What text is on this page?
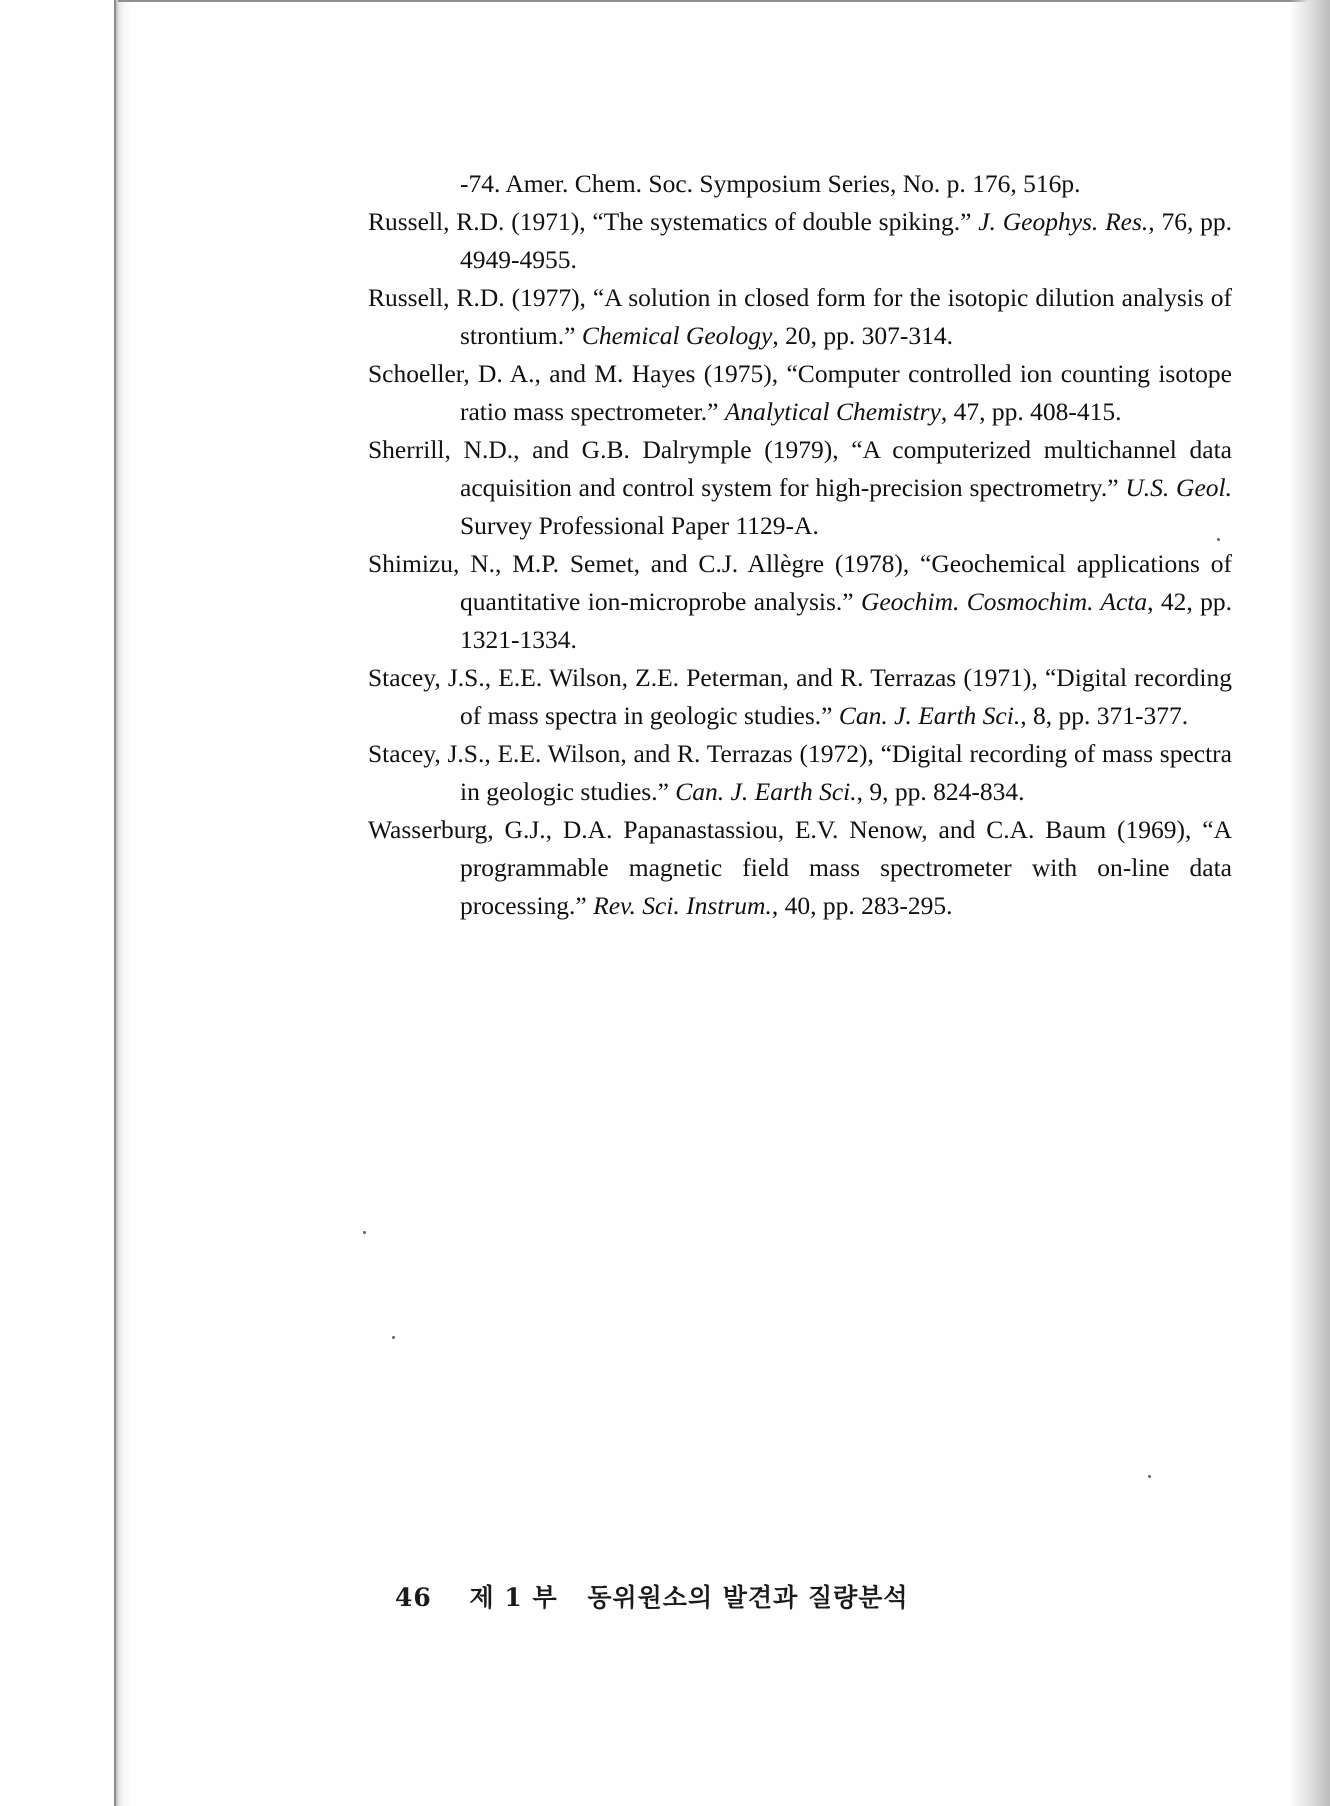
-74. Amer. Chem. Soc. Symposium Series, No. p. 176, 516p.

Russell, R.D. (1971), “The systematics of double spiking.” J. Geophys. Res., 76, pp. 4949-4955.

Russell, R.D. (1977), “A solution in closed form for the isotopic dilution analysis of strontium.” Chemical Geology, 20, pp. 307-314.

Schoeller, D. A., and M. Hayes (1975), “Computer controlled ion counting isotope ratio mass spectrometer.” Analytical Chemistry, 47, pp. 408-415.

Sherrill, N.D., and G.B. Dalrymple (1979), “A computerized multichannel data acquisition and control system for high-precision spectrometry.” U.S. Geol. Survey Professional Paper 1129-A.

Shimizu, N., M.P. Semet, and C.J. Allègre (1978), “Geochemical applications of quantitative ion-microprobe analysis.” Geochim. Cosmochim. Acta, 42, pp. 1321-1334.

Stacey, J.S., E.E. Wilson, Z.E. Peterman, and R. Terrazas (1971), “Digital recording of mass spectra in geologic studies.” Can. J. Earth Sci., 8, pp. 371-377.

Stacey, J.S., E.E. Wilson, and R. Terrazas (1972), “Digital recording of mass spectra in geologic studies.” Can. J. Earth Sci., 9, pp. 824-834.

Wasserburg, G.J., D.A. Papanastassiou, E.V. Nenow, and C.A. Baum (1969), “A programmable magnetic field mass spectrometer with on-line data processing.” Rev. Sci. Instrum., 40, pp. 283-295.

46 제 1 부 동위원소의 발견과 질량분석
